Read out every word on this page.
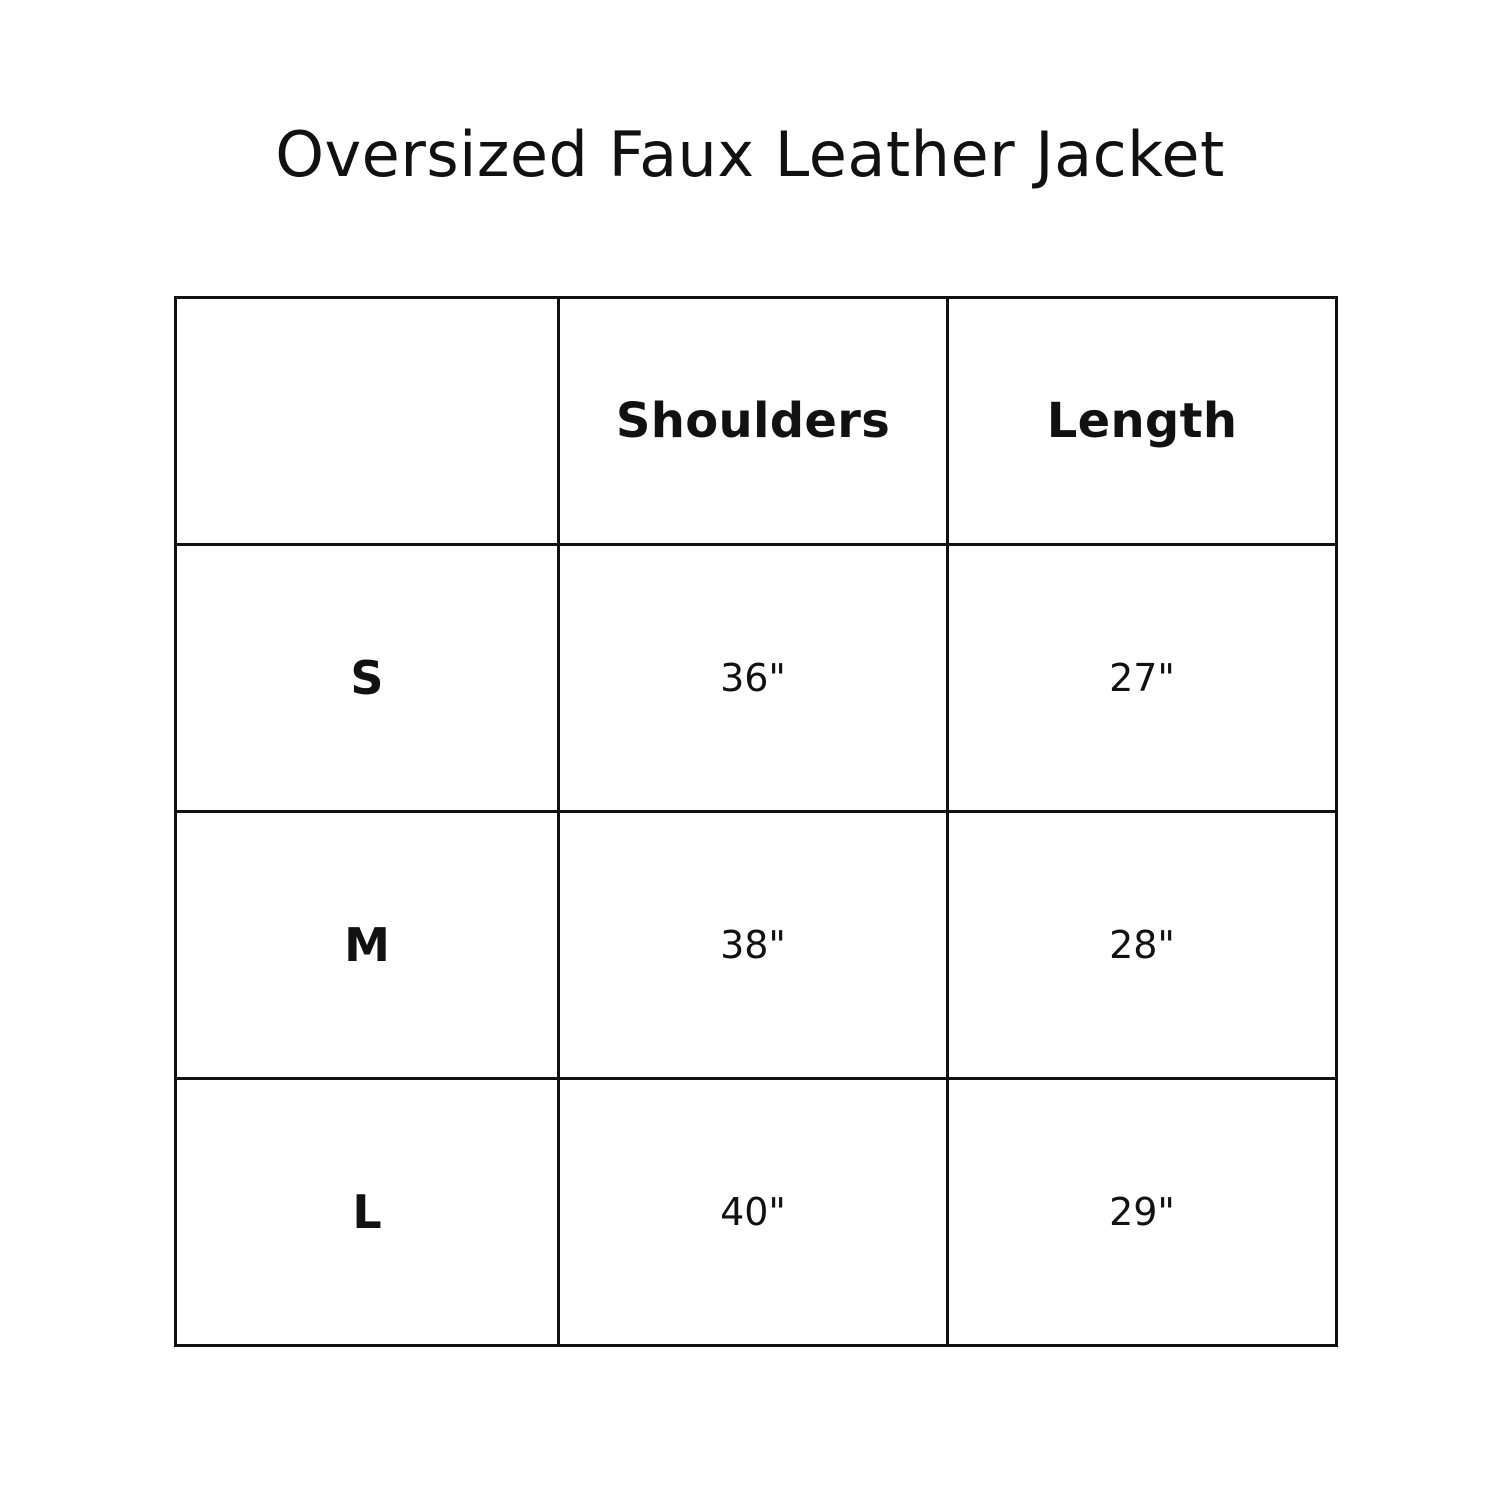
Oversized Faux Leather Jacket
	Shoulders	Length
S	36"	27"
M	38"	28"
L	40"	29"
